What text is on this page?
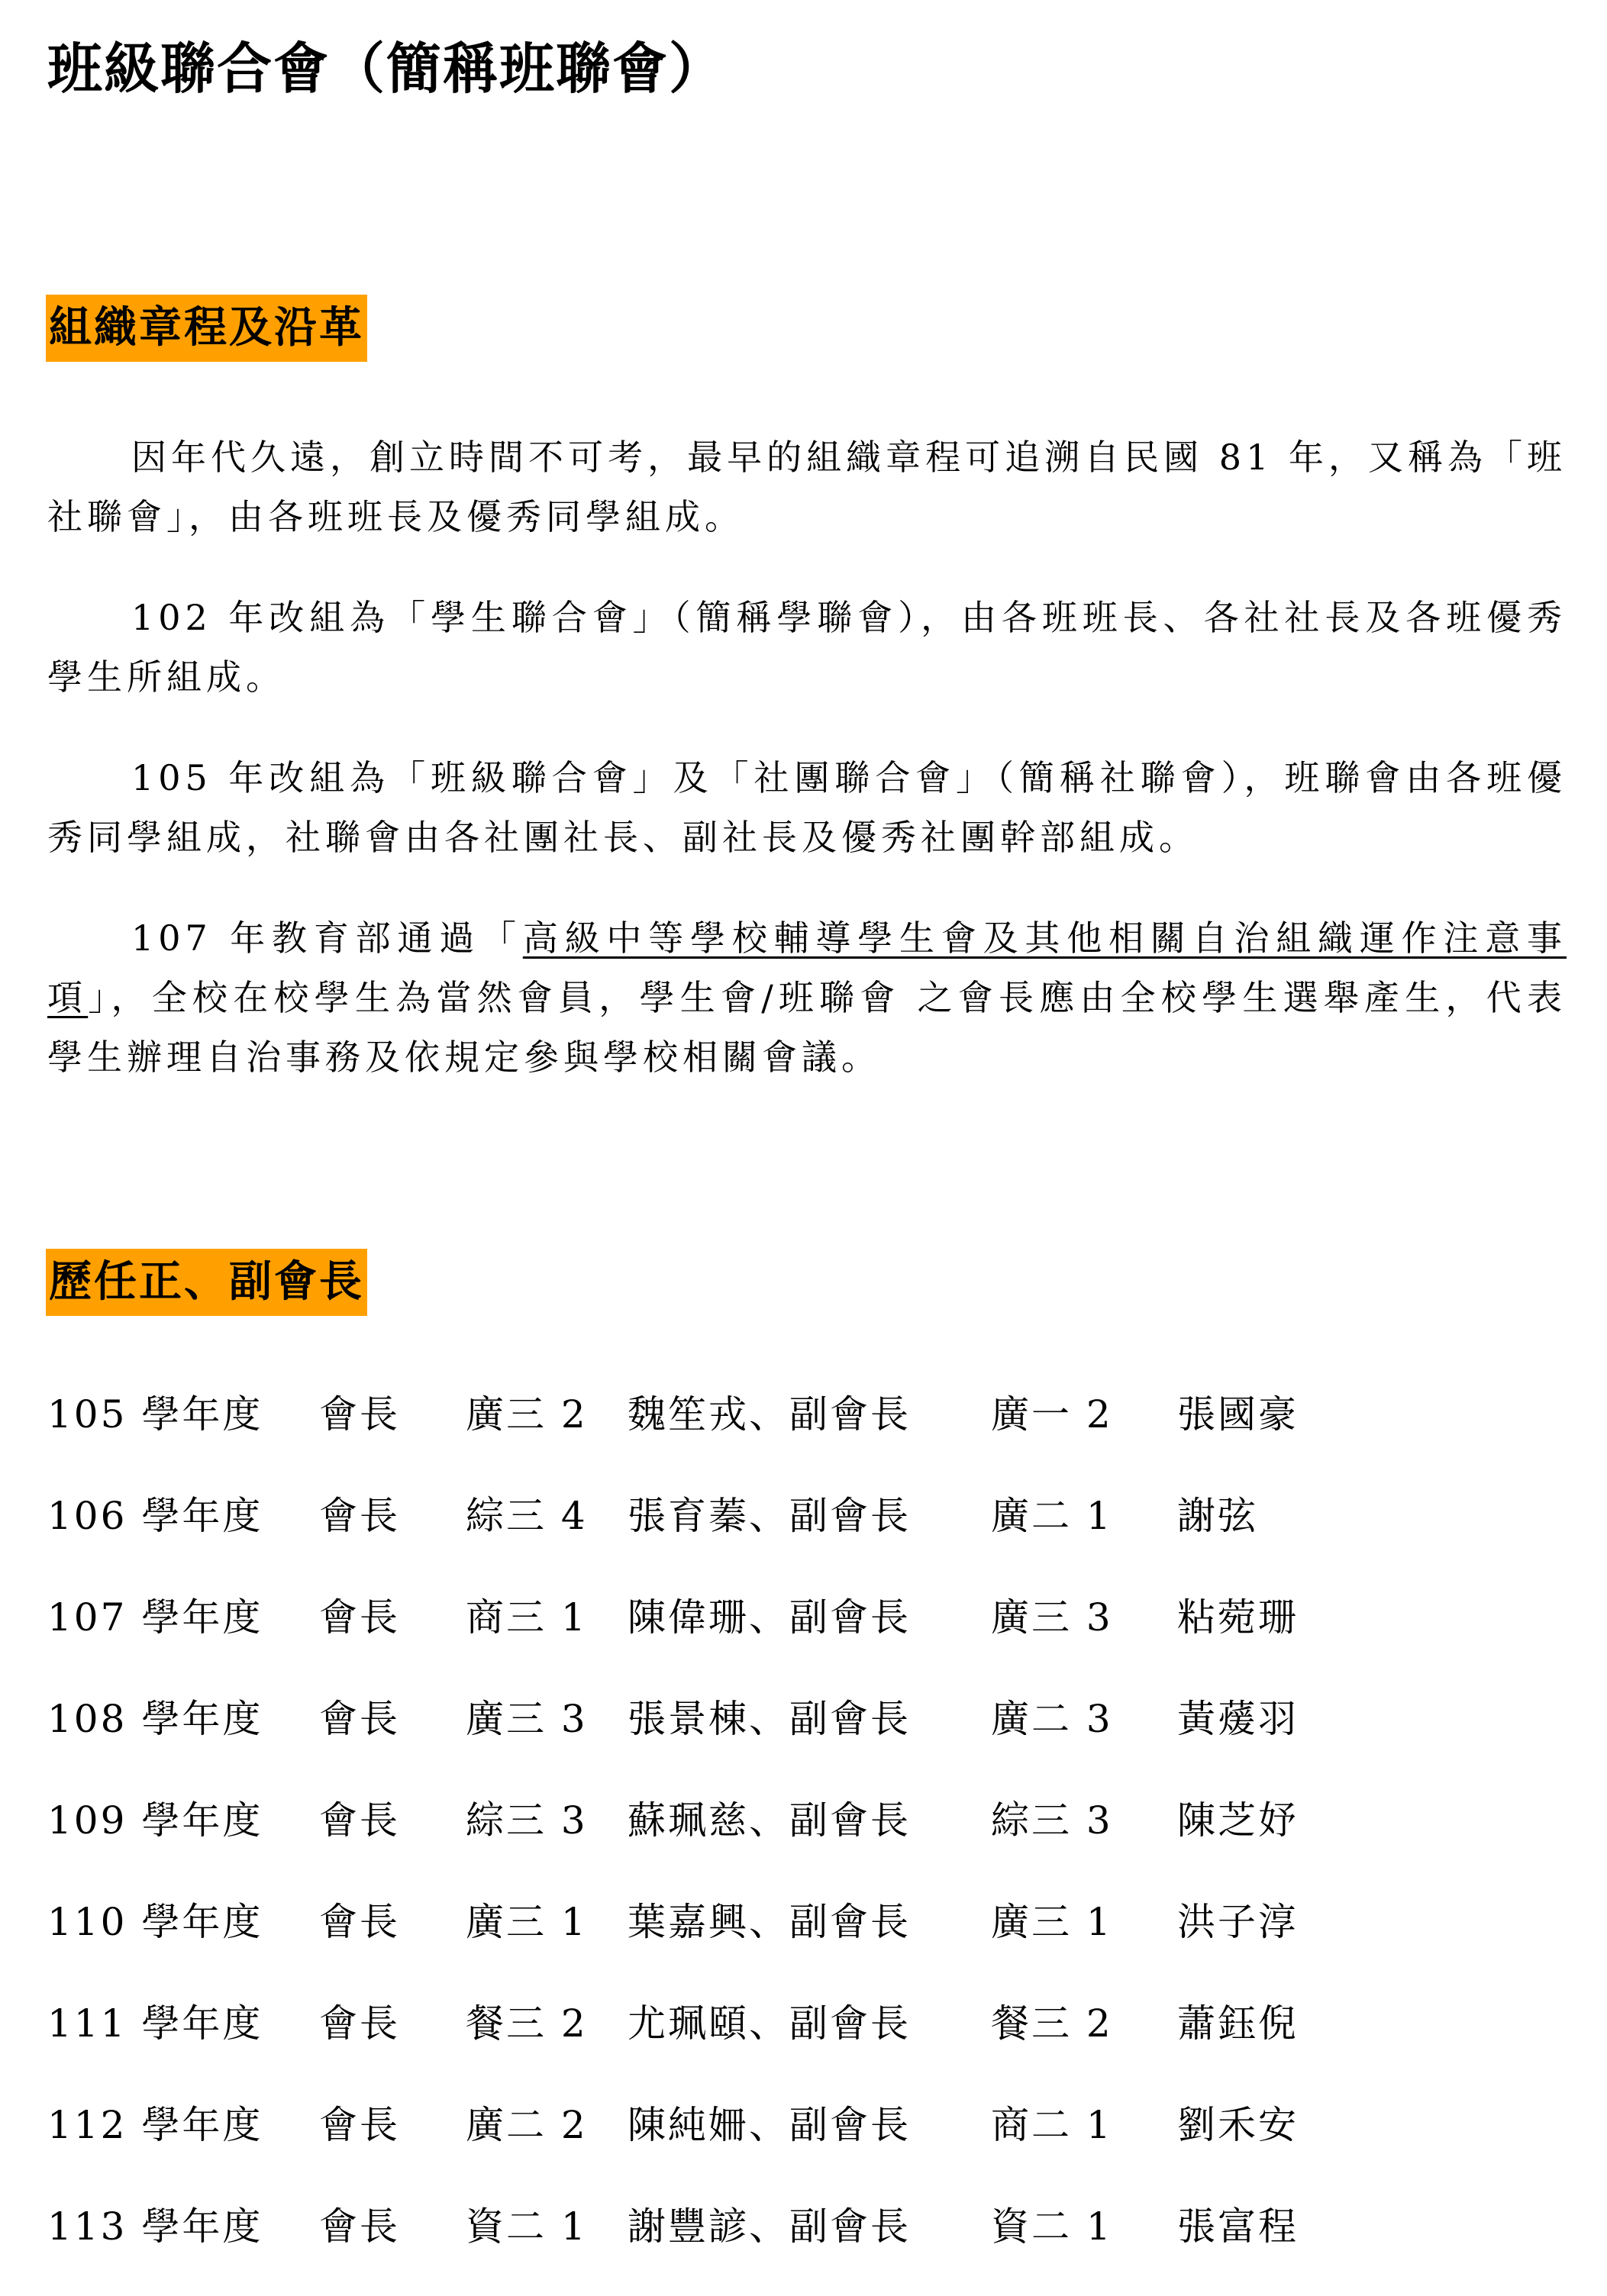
班級聯合會（簡稱班聯會）
組織章程及沿革

因年代久遠，創立時間不可考，最早的組織章程可追溯自民國 81 年，又稱為「班社聯會」，由各班班長及優秀同學組成。

102 年改組為「學生聯合會」（簡稱學聯會），由各班班長、各社社長及各班優秀學生所組成。

105 年改組為「班級聯合會」及「社團聯合會」（簡稱社聯會），班聯會由各班優秀同學組成，社聯會由各社團社長、副社長及優秀社團幹部組成。

107 年教育部通過「高級中等學校輔導學生會及其他相關自治組織運作注意事項」，全校在校學生為當然會員，學生會/班聯會 之會長應由全校學生選舉產生，代表學生辦理自治事務及依規定參與學校相關會議。

歷任正、副會長
105 學年度 會長 廣三 2 魏笙戎、副會長 廣一 2 張國豪
106 學年度 會長 綜三 4 張育蓁、副會長 廣二 1 謝弦
107 學年度 會長 商三 1 陳偉珊、副會長 廣三 3 粘菀珊
108 學年度 會長 廣三 3 張景棟、副會長 廣二 3 黃蕿羽
109 學年度 會長 綜三 3 蘇珮慈、副會長 綜三 3 陳芝妤
110 學年度 會長 廣三 1 葉嘉興、副會長 廣三 1 洪子淳
111 學年度 會長 餐三 2 尤珮頤、副會長 餐三 2 蕭鈺倪
112 學年度 會長 廣二 2 陳純姍、副會長 商二 1 劉禾安
113 學年度 會長 資二 1 謝豐諺、副會長 資二 1 張富程
